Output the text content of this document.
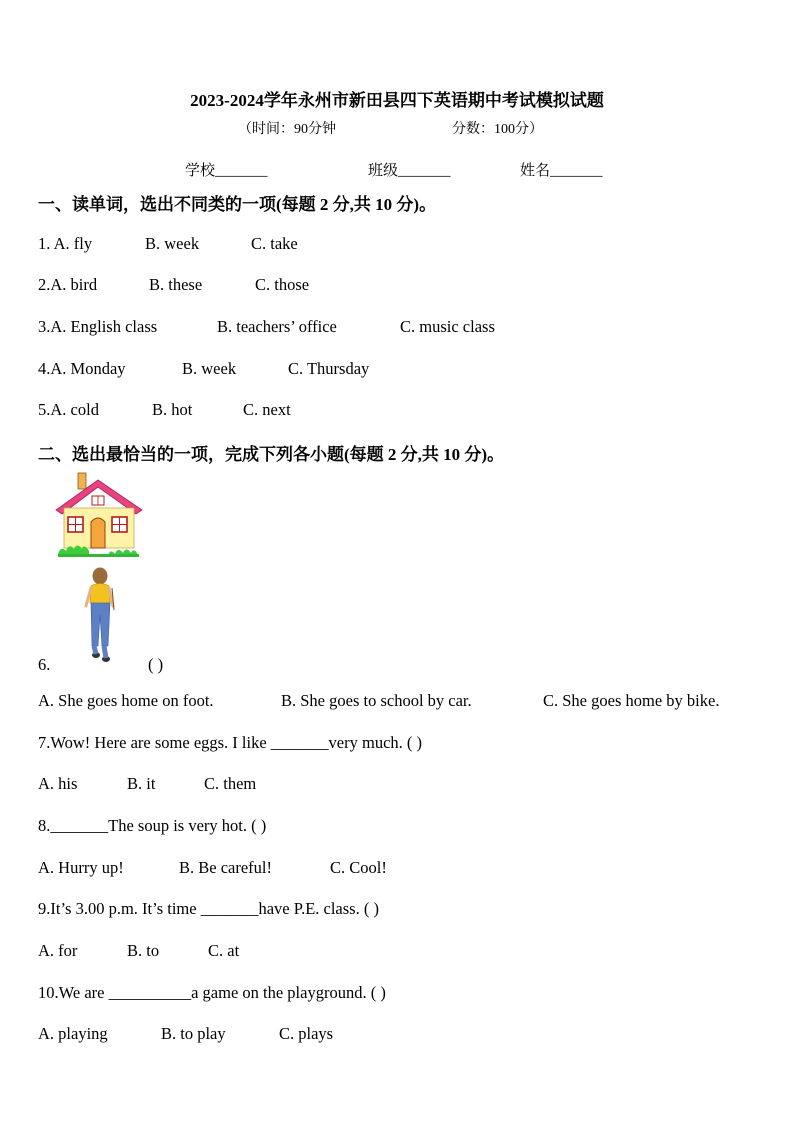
2023-2024学年永州市新田县四下英语期中考试模拟试题
（时间：90分钟	分数：100分）
学校_______	班级_______	姓名_______
一、读单词，选出不同类的一项(每题 2 分,共 10 分)。
1. A. fly	B. week	C. take
2.A. bird	B. these	C. those
3.A. English class	B. teachers’ office	C. music class
4.A. Monday	B. week	C. Thursday
5.A. cold	B. hot	C. next
二、选出最恰当的一项，完成下列各小题(每题 2 分,共 10 分)。
6.	( )
A. She goes home on foot.	B. She goes to school by car.	C. She goes home by bike.
7.Wow! Here are some eggs. I like _______very much. ( )
A. his	B. it	C. them
8._______The soup is very hot. ( )
A. Hurry up!	B. Be careful!	C. Cool!
9.It’s 3.00 p.m. It’s time _______have P.E. class. ( )
A. for	B. to	C. at
10.We are __________a game on the playground. ( )
A. playing	B. to play	C. plays
